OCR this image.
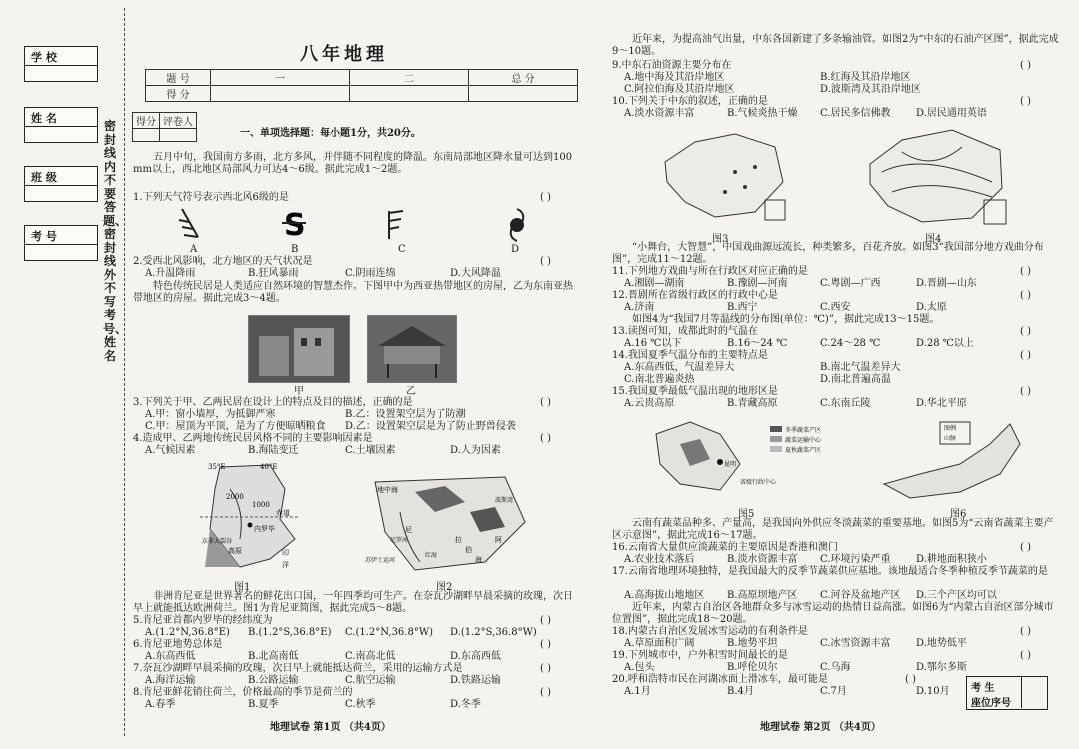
学 校
姓 名
班 级
考 号
密封线内不要答题、密封线外不写考号、姓名
八年地理
题 号	一	二	总 分
得 分			
得分	评卷人

一、单项选择题：每小题1分，共20分。
五月中旬，我国南方多雨，北方多风，并伴随不同程度的降温。东南局部地区降水量可达到100 mm以上，西北地区局部风力可达4～6级。据此完成1～2题。
1.下列天气符号表示西北风6级的是	( )
S
A	B	C	D
2.受西北风影响，北方地区的天气状况是	( )
A.升温降雨	B.狂风暴雨	C.阴雨连绵	D.大风降温
特色传统民居是人类适应自然环境的智慧杰作。下图甲中为西亚热带地区的房屋，乙为东南亚热带地区的房屋。据此完成3～4题。
甲	乙
3.下列关于甲、乙两民居在设计上的特点及目的描述，正确的是	( )
A.甲：窗小墙厚，为抵御严寒	B.乙：设置架空层为了防潮
C.甲：屋顶为平顶，是为了方便晾晒粮食 D.乙：设置架空层是为了防止野兽侵袭
4.造成甲、乙两地传统民居风格不同的主要影响因素是	( )
A.气候因素	B.海陆变迁	C.土壤因素	D.人为因素
35°E	40°E
2000
1000
赤道
内罗毕
东非大裂谷
高原	印
洋
图1
地中海
尼
尼罗河
苏伊士运河
阿
波斯湾
拉
伯
海
红海
图2
非洲肯尼亚是世界著名的鲜花出口国，一年四季均可生产。在奈瓦沙湖畔早晨采摘的玫瑰，次日早上就能抵达欧洲荷兰。图1为肯尼亚简图，据此完成5～8题。
5.肯尼亚首都内罗毕的经纬度为	( )
A.(1.2°N,36.8°E) B.(1.2°S,36.8°E) C.(1.2°N,36.8°W) D.(1.2°S,36.8°W)
6.肯尼亚地势总体是	( )
A.东高西低	B.北高南低	C.南高北低	D.东高西低
7.奈瓦沙湖畔早晨采摘的玫瑰，次日早上就能抵达荷兰，采用的运输方式是	( )
A.海洋运输	B.公路运输	C.航空运输	D.铁路运输
8.肯尼亚鲜花销往荷兰，价格最高的季节是荷兰的	( )
A.春季	B.夏季	C.秋季	D.冬季
地理试卷 第1页 （共4页）
近年来，为提高油气出量，中东各国新建了多条输油管。如图2为“中东的石油产区图”，据此完成9～10题。
9.中东石油资源主要分布在	( )
A.地中海及其沿岸地区	B.红海及其沿岸地区
C.阿拉伯海及其沿岸地区	D.波斯湾及其沿岸地区
10.下列关于中东的叙述，正确的是	( )
A.淡水资源丰富	B.气候炎热干燥 C.居民多信佛教	D.居民通用英语
图3	图4
“小舞台，大智慧”，中国戏曲源远流长，种类繁多，百花齐放。如图3“我国部分地方戏曲分布图”，完成11～12题。
11.下列地方戏曲与所在行政区对应正确的是	( )
A.湘剧—湖南	B.豫剧—河南	C.粤剧—广西	D.晋剧—山东
12.晋剧所在省级行政区的行政中心是	( )
A.济南	B.西宁	C.西安	D.太原
如图4为“我国7月等温线的分布图(单位：℃)”，据此完成13～15题。
13.读图可知，成都此时的气温在	( )
A.16 ℃以下	B.16～24 ℃	C.24～28 ℃	D.28 ℃以上
14.我国夏季气温分布的主要特点是	( )
A.东高西低，气温差异大	B.南北气温差异大
C.南北普遍炎热	D.南北普遍高温
15.我国夏季最低气温出现的地形区是	( )
A.云贵高原	B.青藏高原	C.东南丘陵	D.华北平原
昆明
省级行政中心
冬季蔬菜产区
蔬菜运输中心
夏秋蔬菜产区
图例
山脉
图5	图6
云南有蔬菜品种多、产量高，是我国向外供应冬淡蔬菜的重要基地。如图5为“云南省蔬菜主要产区示意图”，据此完成16～17题。
16.云南省大量供应淡蔬菜的主要原因是香港和澳门	( )
A.农业技术落后	B.淡水资源丰富 C.环境污染严重	D.耕地面积狭小
17.云南省地理环境独特，是我国最大的反季节蔬菜供应基地。该地最适合冬季种植反季节蔬菜的是
A.高海拔山地地区 B.高原坝地产区 C.河谷及盆地产区 D.三个产区均可以
近年来，内蒙古自治区各地群众多与冰雪运动的热情日益高涨。如图6为“内蒙古自治区部分城市位置图”，据此完成18～20题。
18.内蒙古自治区发展冰雪运动的有利条件是	( )
A.草原面积广阔	B.地势平坦	C.冰雪资源丰富	D.地势低平
19.下列城市中，户外积雪时间最长的是	( )
A.包头	B.呼伦贝尔	C.乌海	D.鄂尔多斯
20.呼和浩特市民在河湖冰面上滑冰车，最可能是	( )
A.1月	B.4月	C.7月	D.10月 考 生
座位序号
地理试卷 第2页 （共4页）
